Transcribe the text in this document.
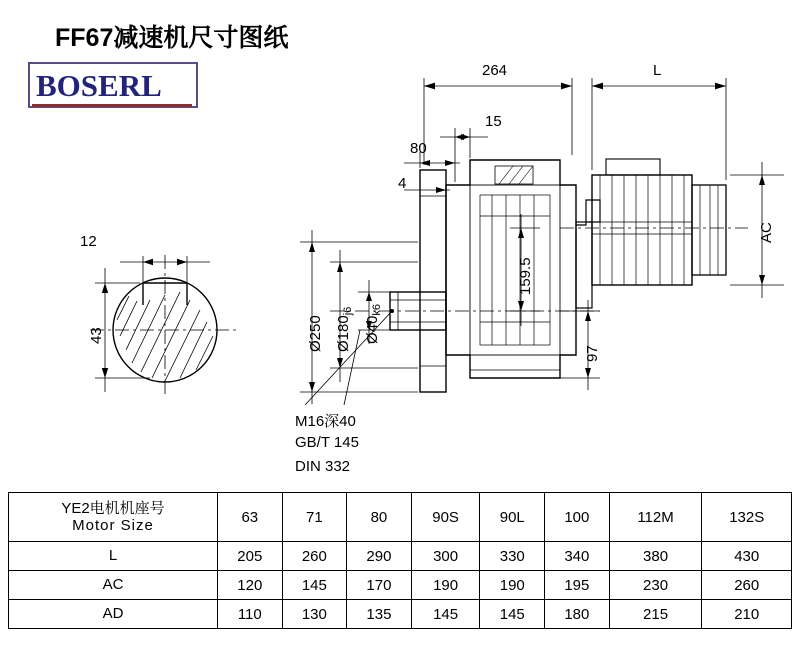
FF67减速机尺寸图纸
BOSERL	264	L
15
80
4
AC
159.5
97
Ø250 Ø180j6
Ø40k6
12
43
M16深40
GB/T 145
DIN 332
YE2电机机座号
Motor Size	63	71	80	90S	90L	100	112M	132S
L	205	260	290	300	330	340	380	430
AC	120	145	170	190	190	195	230	260
AD	110	130	135	145	145	180	215	210
